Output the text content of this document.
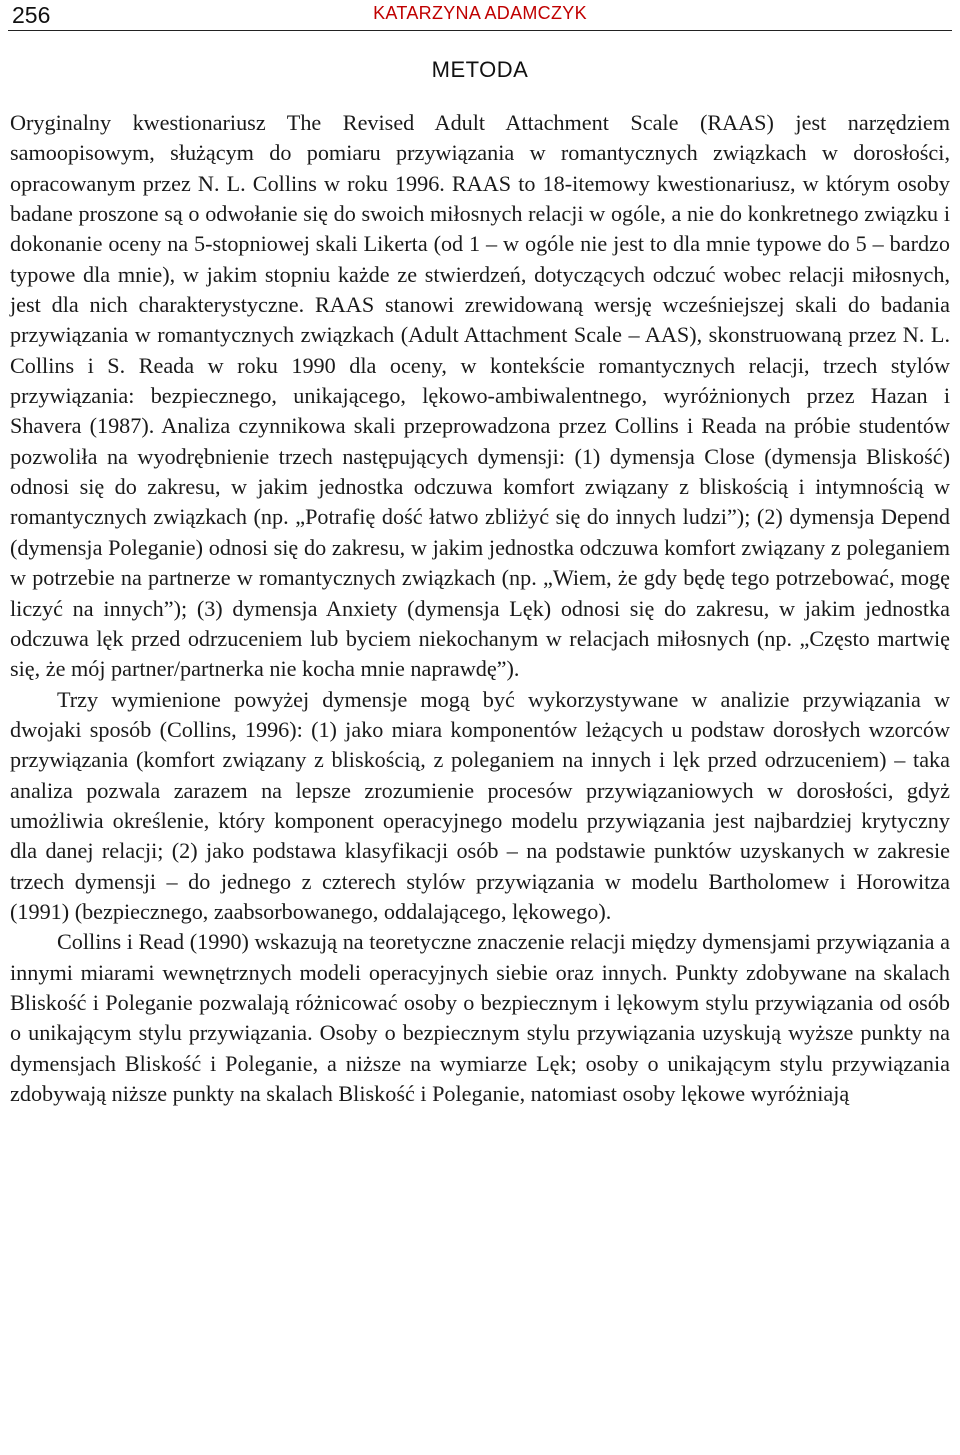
256	KATARZYNA ADAMCZYK
METODA

Oryginalny kwestionariusz The Revised Adult Attachment Scale (RAAS) jest narzędziem samoopisowym, służącym do pomiaru przywiązania w romantycznych związkach w dorosłości, opracowanym przez N. L. Collins w roku 1996. RAAS to 18-itemowy kwestionariusz, w którym osoby badane proszone są o odwołanie się do swoich miłosnych relacji w ogóle, a nie do konkretnego związku i dokonanie oceny na 5-stopniowej skali Likerta (od 1 – w ogóle nie jest to dla mnie typowe do 5 – bardzo typowe dla mnie), w jakim stopniu każde ze stwierdzeń, dotyczących odczuć wobec relacji miłosnych, jest dla nich charakterystyczne. RAAS stanowi zrewidowaną wersję wcześniejszej skali do badania przywiązania w romantycznych związkach (Adult Attachment Scale – AAS), skonstruowaną przez N. L. Collins i S. Reada w roku 1990 dla oceny, w kontekście romantycznych relacji, trzech stylów przywiązania: bezpiecznego, unikającego, lękowo-ambiwalentnego, wyróżnionych przez Hazan i Shavera (1987). Analiza czynnikowa skali przeprowadzona przez Collins i Reada na próbie studentów pozwoliła na wyodrębnienie trzech następujących dymensji: (1) dymensja Close (dymensja Bliskość) odnosi się do zakresu, w jakim jednostka odczuwa komfort związany z bliskością i intymnością w romantycznych związkach (np. „Potrafię dość łatwo zbliżyć się do innych ludzi”); (2) dymensja Depend (dymensja Poleganie) odnosi się do zakresu, w jakim jednostka odczuwa komfort związany z poleganiem w potrzebie na partnerze w romantycznych związkach (np. „Wiem, że gdy będę tego potrzebować, mogę liczyć na innych”); (3) dymensja Anxiety (dymensja Lęk) odnosi się do zakresu, w jakim jednostka odczuwa lęk przed odrzuceniem lub byciem niekochanym w relacjach miłosnych (np. „Często martwię się, że mój partner/partnerka nie kocha mnie naprawdę”).

Trzy wymienione powyżej dymensje mogą być wykorzystywane w analizie przywiązania w dwojaki sposób (Collins, 1996): (1) jako miara komponentów leżących u podstaw dorosłych wzorców przywiązania (komfort związany z bliskością, z poleganiem na innych i lęk przed odrzuceniem) – taka analiza pozwala zarazem na lepsze zrozumienie procesów przywiązaniowych w dorosłości, gdyż umożliwia określenie, który komponent operacyjnego modelu przywiązania jest najbardziej krytyczny dla danej relacji; (2) jako podstawa klasyfikacji osób – na podstawie punktów uzyskanych w zakresie trzech dymensji – do jednego z czterech stylów przywiązania w modelu Bartholomew i Horowitza (1991) (bezpiecznego, zaabsorbowanego, oddalającego, lękowego).

Collins i Read (1990) wskazują na teoretyczne znaczenie relacji między dymensjami przywiązania a innymi miarami wewnętrznych modeli operacyjnych siebie oraz innych. Punkty zdobywane na skalach Bliskość i Poleganie pozwalają różnicować osoby o bezpiecznym i lękowym stylu przywiązania od osób o unikającym stylu przywiązania. Osoby o bezpiecznym stylu przywiązania uzyskują wyższe punkty na dymensjach Bliskość i Poleganie, a niższe na wymiarze Lęk; osoby o unikającym stylu przywiązania zdobywają niższe punkty na skalach Bliskość i Poleganie, natomiast osoby lękowe wyróżniają
